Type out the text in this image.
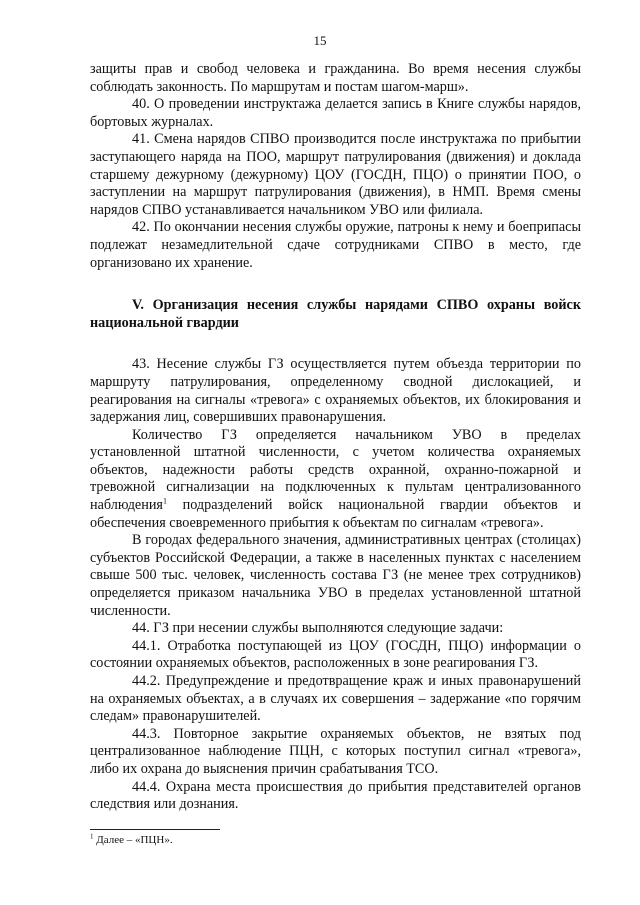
15

защиты прав и свобод человека и гражданина. Во время несения службы соблюдать законность. По маршрутам и постам шагом-марш».

40. О проведении инструктажа делается запись в Книге службы нарядов, бортовых журналах.

41. Смена нарядов СПВО производится после инструктажа по прибытии заступающего наряда на ПОО, маршрут патрулирования (движения) и доклада старшему дежурному (дежурному) ЦОУ (ГОСДН, ПЦО) о принятии ПОО, о заступлении на маршрут патрулирования (движения), в НМП. Время смены нарядов СПВО устанавливается начальником УВО или филиала.

42. По окончании несения службы оружие, патроны к нему и боеприпасы подлежат незамедлительной сдаче сотрудниками СПВО в место, где организовано их хранение.

V. Организация несения службы нарядами СПВО охраны войск национальной гвардии

43. Несение службы ГЗ осуществляется путем объезда территории по маршруту патрулирования, определенному сводной дислокацией, и реагирования на сигналы «тревога» с охраняемых объектов, их блокирования и задержания лиц, совершивших правонарушения.

Количество ГЗ определяется начальником УВО в пределах установленной штатной численности, с учетом количества охраняемых объектов, надежности работы средств охранной, охранно-пожарной и тревожной сигнализации на подключенных к пультам централизованного наблюдения$^1$ подразделений войск национальной гвардии объектов и обеспечения своевременного прибытия к объектам по сигналам «тревога».

В городах федерального значения, административных центрах (столицах) субъектов Российской Федерации, а также в населенных пунктах с населением свыше 500 тыс. человек, численность состава ГЗ (не менее трех сотрудников) определяется приказом начальника УВО в пределах установленной штатной численности.

44. ГЗ при несении службы выполняются следующие задачи:

44.1. Отработка поступающей из ЦОУ (ГОСДН, ПЦО) информации о состоянии охраняемых объектов, расположенных в зоне реагирования ГЗ.

44.2. Предупреждение и предотвращение краж и иных правонарушений на охраняемых объектах, а в случаях их совершения – задержание «по горячим следам» правонарушителей.

44.3. Повторное закрытие охраняемых объектов, не взятых под централизованное наблюдение ПЦН, с которых поступил сигнал «тревога», либо их охрана до выяснения причин срабатывания ТСО.

44.4. Охрана места происшествия до прибытия представителей органов следствия или дознания.

$^1$ Далее – «ПЦН».
